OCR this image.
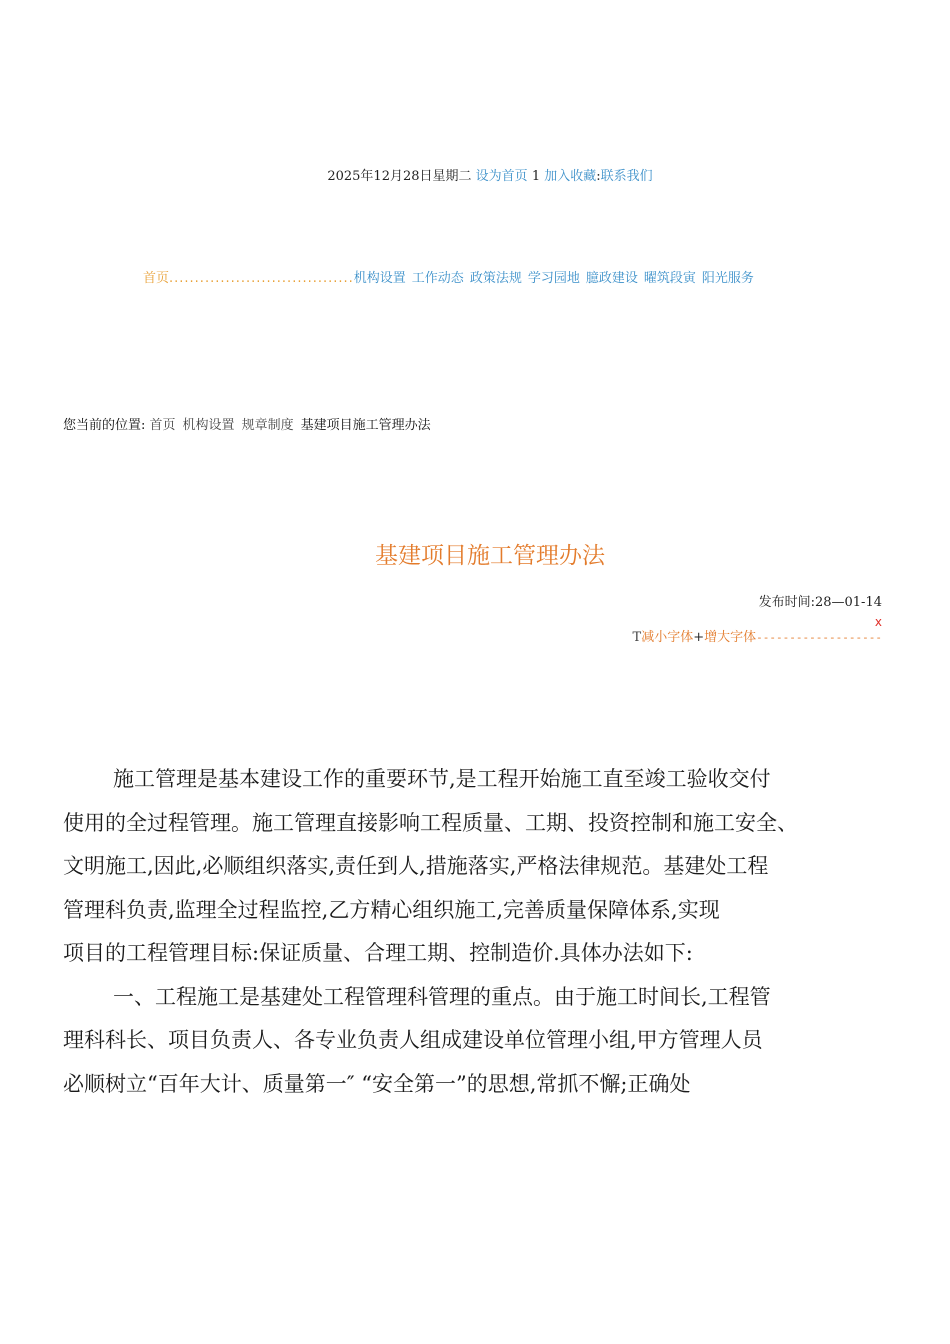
2025年12月28日星期二 设为首页 1 加入收藏:联系我们
首页....................................机构设置 工作动态 政策法规 学习园地 臆政建设 曜筑段寅 阳光服务
您当前的位置: 首页 机构设置 规章制度 基建项目施工管理办法
基建项目施工管理办法
发布时间:28—01-14
x
T减小字体+增大字体-------------------
施工管理是基本建设工作的重要环节,是工程开始施工直至竣工验收交付
使用的全过程管理。施工管理直接影响工程质量、工期、投资控制和施工安全、
文明施工,因此,必顺组织落实,责任到人,措施落实,严格法律规范。基建处工程
管理科负责,监理全过程监控,乙方精心组织施工,完善质量保障体系,实现
项目的工程管理目标:保证质量、合理工期、控制造价.具体办法如下:
一、工程施工是基建处工程管理科管理的重点。由于施工时间长,工程管
理科科长、项目负责人、各专业负责人组成建设单位管理小组,甲方管理人员
必顺树立“百年大计、质量第一″ “安全第一”的思想,常抓不懈;正确处
